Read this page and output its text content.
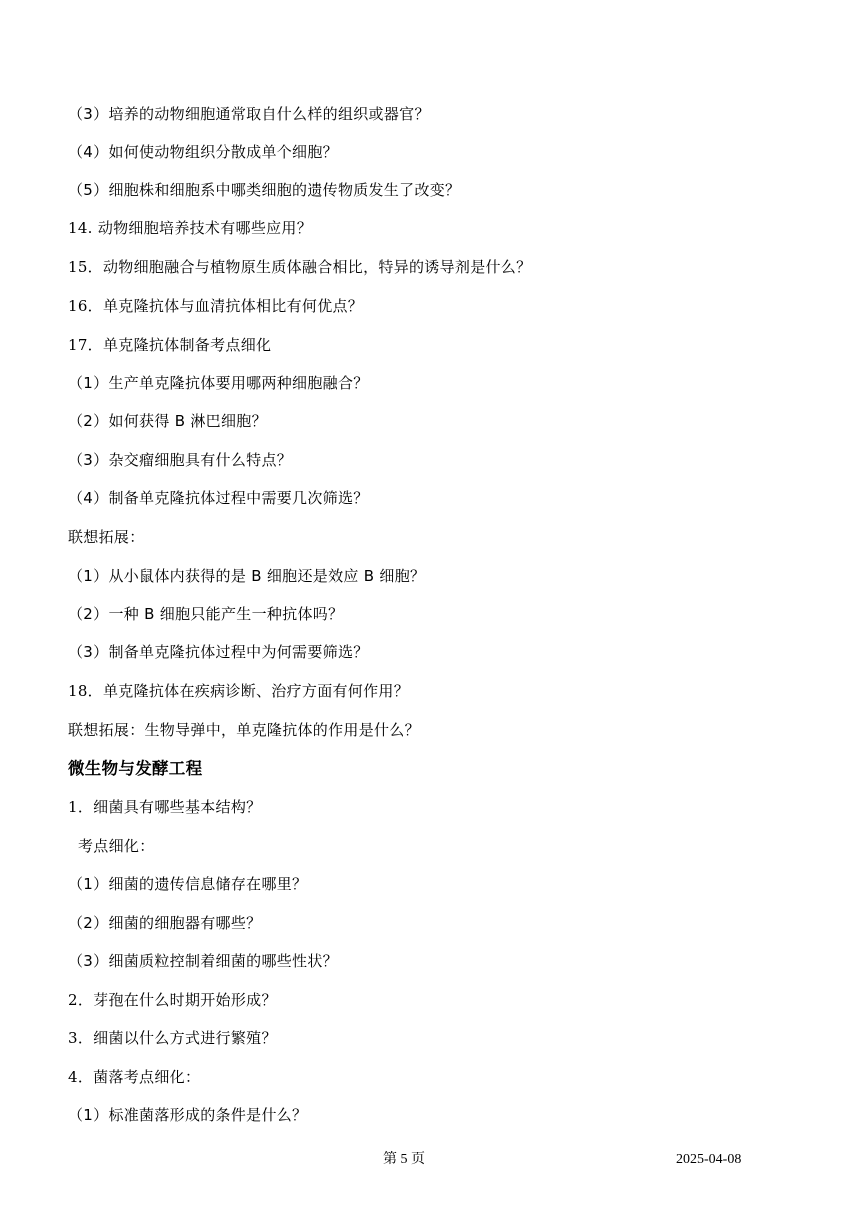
（3）培养的动物细胞通常取自什么样的组织或器官？
（4）如何使动物组织分散成单个细胞？
（5）细胞株和细胞系中哪类细胞的遗传物质发生了改变？
14. 动物细胞培养技术有哪些应用？
15．动物细胞融合与植物原生质体融合相比，特异的诱导剂是什么？
16．单克隆抗体与血清抗体相比有何优点？
17．单克隆抗体制备考点细化
（1）生产单克隆抗体要用哪两种细胞融合？
（2）如何获得 B 淋巴细胞？
（3）杂交瘤细胞具有什么特点？
（4）制备单克隆抗体过程中需要几次筛选？
联想拓展：
（1）从小鼠体内获得的是 B 细胞还是效应 B 细胞？
（2）一种 B 细胞只能产生一种抗体吗？
（3）制备单克隆抗体过程中为何需要筛选？
18．单克隆抗体在疾病诊断、治疗方面有何作用？
联想拓展：生物导弹中，单克隆抗体的作用是什么？
微生物与发酵工程
1．细菌具有哪些基本结构？
考点细化：
（1）细菌的遗传信息储存在哪里？
（2）细菌的细胞器有哪些？
（3）细菌质粒控制着细菌的哪些性状？
2．芽孢在什么时期开始形成？
3．细菌以什么方式进行繁殖？
4．菌落考点细化：
（1）标准菌落形成的条件是什么？
第 5 页	2025-04-08
